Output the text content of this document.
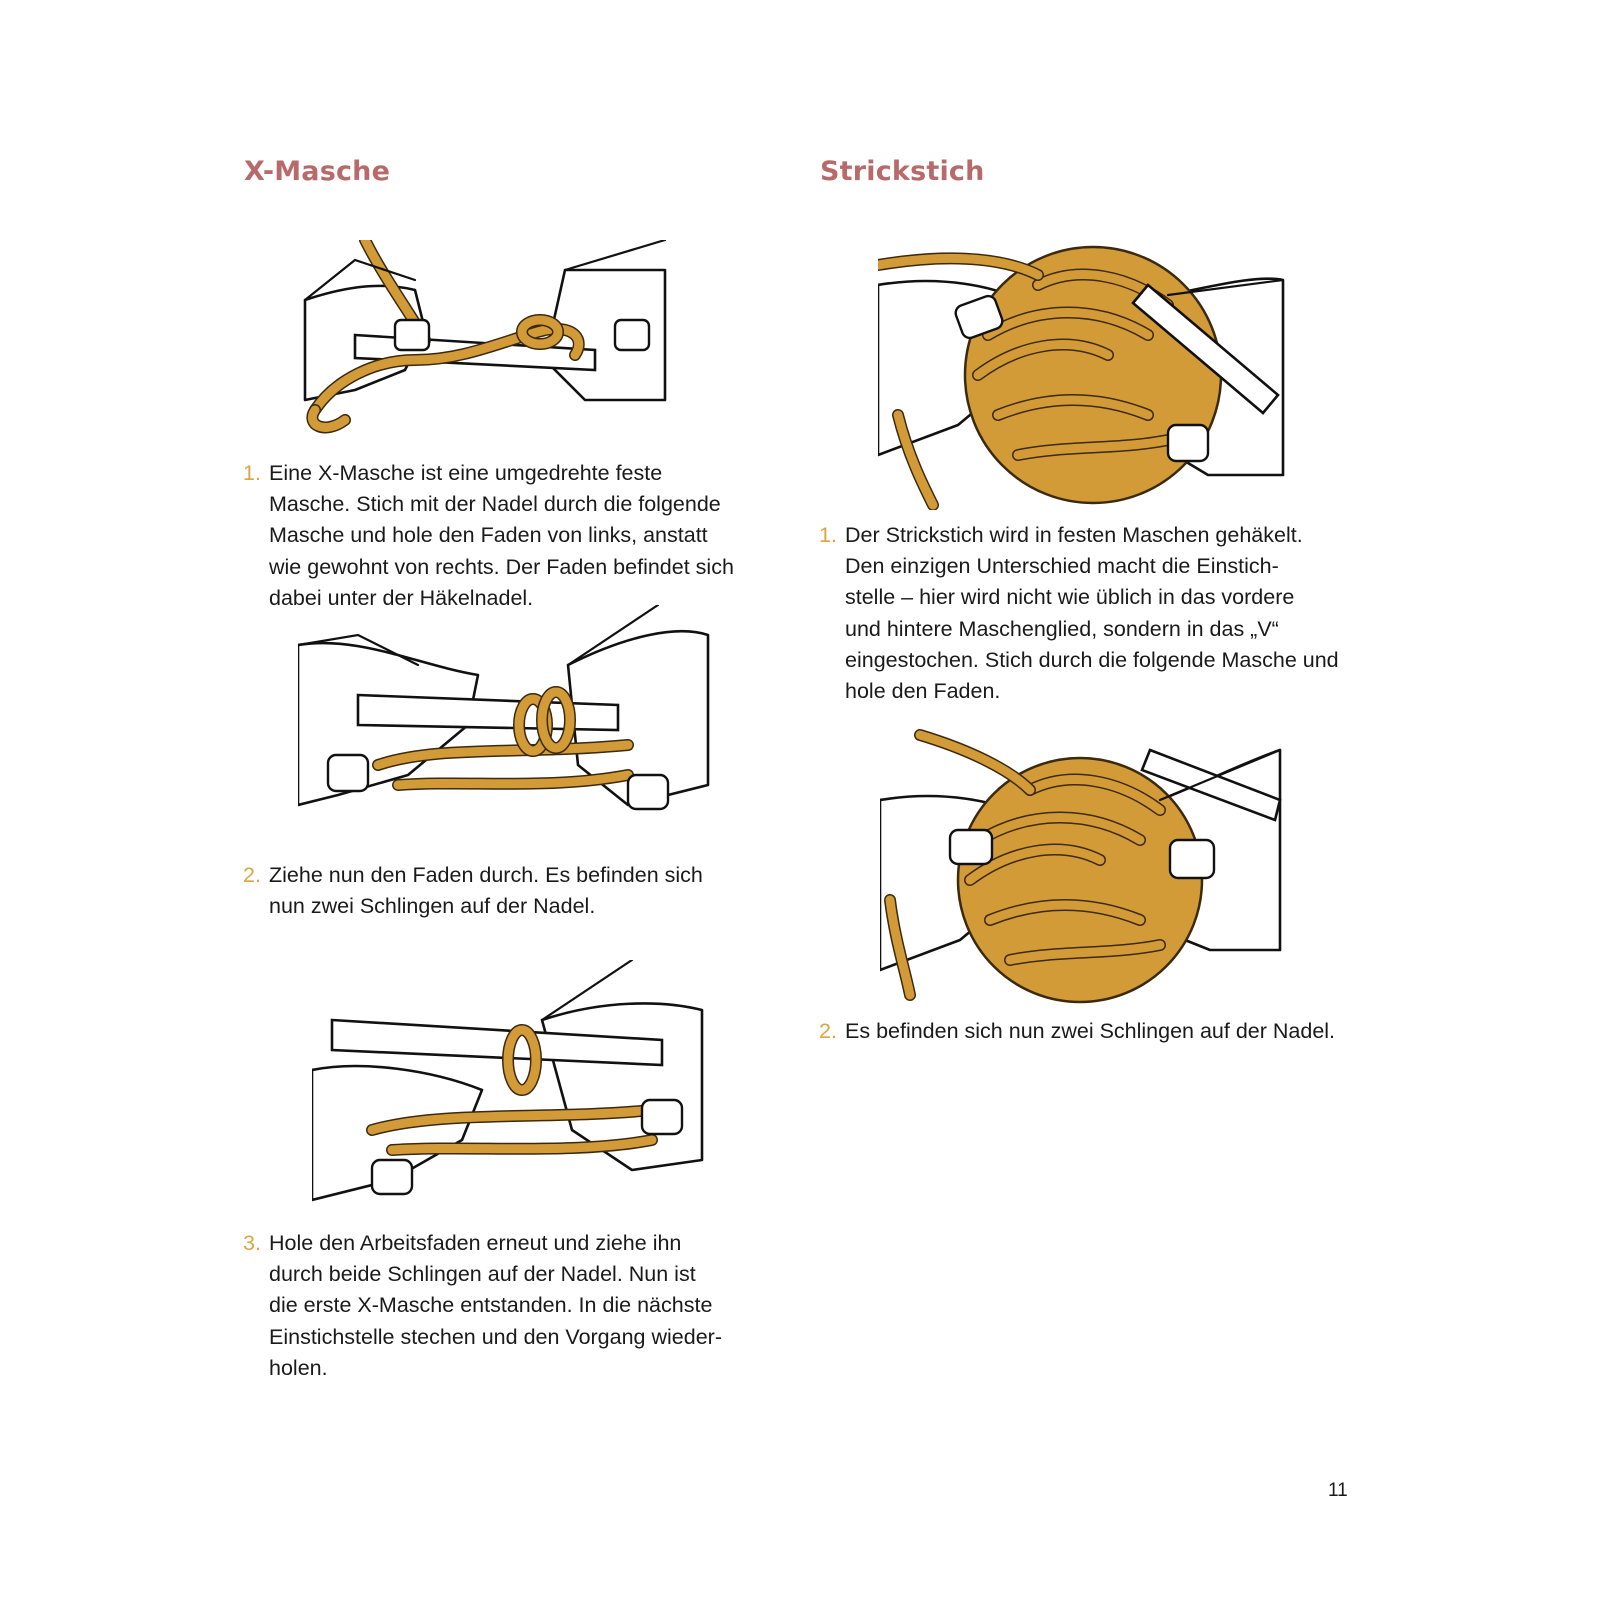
X-Masche
1. Eine X-Masche ist eine umgedrehte feste
Masche. Stich mit der Nadel durch die folgende
Masche und hole den Faden von links, anstatt
wie gewohnt von rechts. Der Faden befindet sich
dabei unter der Häkelnadel.
2. Ziehe nun den Faden durch. Es befinden sich
nun zwei Schlingen auf der Nadel.
3. Hole den Arbeitsfaden erneut und ziehe ihn
durch beide Schlingen auf der Nadel. Nun ist
die erste X-Masche entstanden. In die nächste
Einstichstelle stechen und den Vorgang wieder-
holen.
Strickstich
1. Der Strickstich wird in festen Maschen gehäkelt.
Den einzigen Unterschied macht die Einstich-
stelle – hier wird nicht wie üblich in das vordere
und hintere Maschenglied, sondern in das „V“
eingestochen. Stich durch die folgende Masche und
hole den Faden.
2. Es befinden sich nun zwei Schlingen auf der Nadel.

11
